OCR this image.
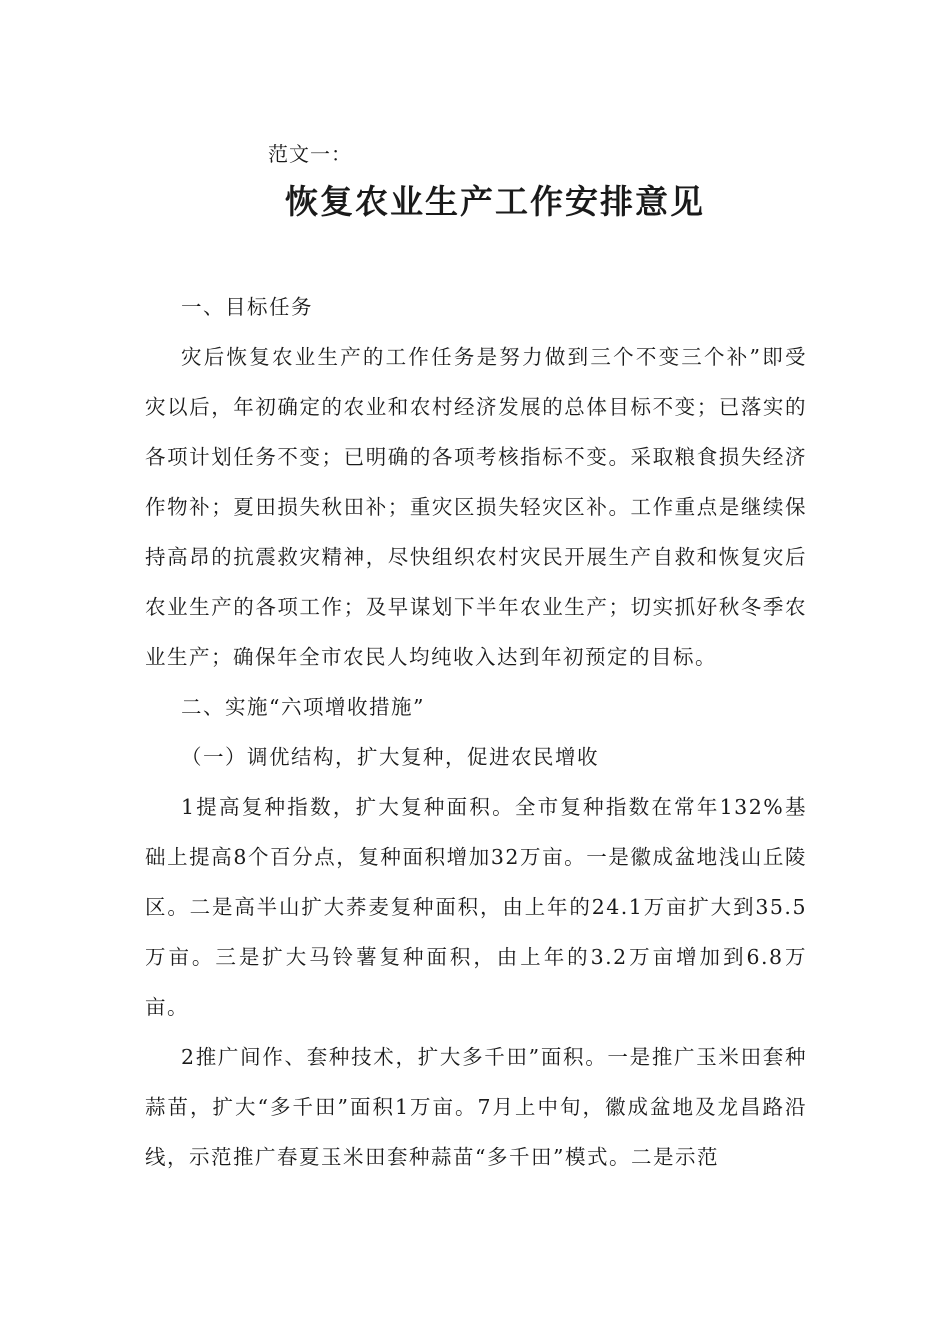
范文一：
恢复农业生产工作安排意见

一、目标任务

灾后恢复农业生产的工作任务是努力做到三个不变三个补”即受灾以后，年初确定的农业和农村经济发展的总体目标不变；已落实的各项计划任务不变；已明确的各项考核指标不变。采取粮食损失经济作物补；夏田损失秋田补；重灾区损失轻灾区补。工作重点是继续保持高昂的抗震救灾精神，尽快组织农村灾民开展生产自救和恢复灾后农业生产的各项工作；及早谋划下半年农业生产；切实抓好秋冬季农业生产；确保年全市农民人均纯收入达到年初预定的目标。

二、实施“六项增收措施”

（一）调优结构，扩大复种，促进农民增收

1提高复种指数，扩大复种面积。全市复种指数在常年132%基础上提高8个百分点，复种面积增加32万亩。一是徽成盆地浅山丘陵区。二是高半山扩大荞麦复种面积，由上年的24.1万亩扩大到35.5万亩。三是扩大马铃薯复种面积，由上年的3.2万亩增加到6.8万亩。

2推广间作、套种技术，扩大多千田”面积。一是推广玉米田套种蒜苗，扩大“多千田”面积1万亩。7月上中旬，徽成盆地及龙昌路沿线，示范推广春夏玉米田套种蒜苗“多千田”模式。二是示范
